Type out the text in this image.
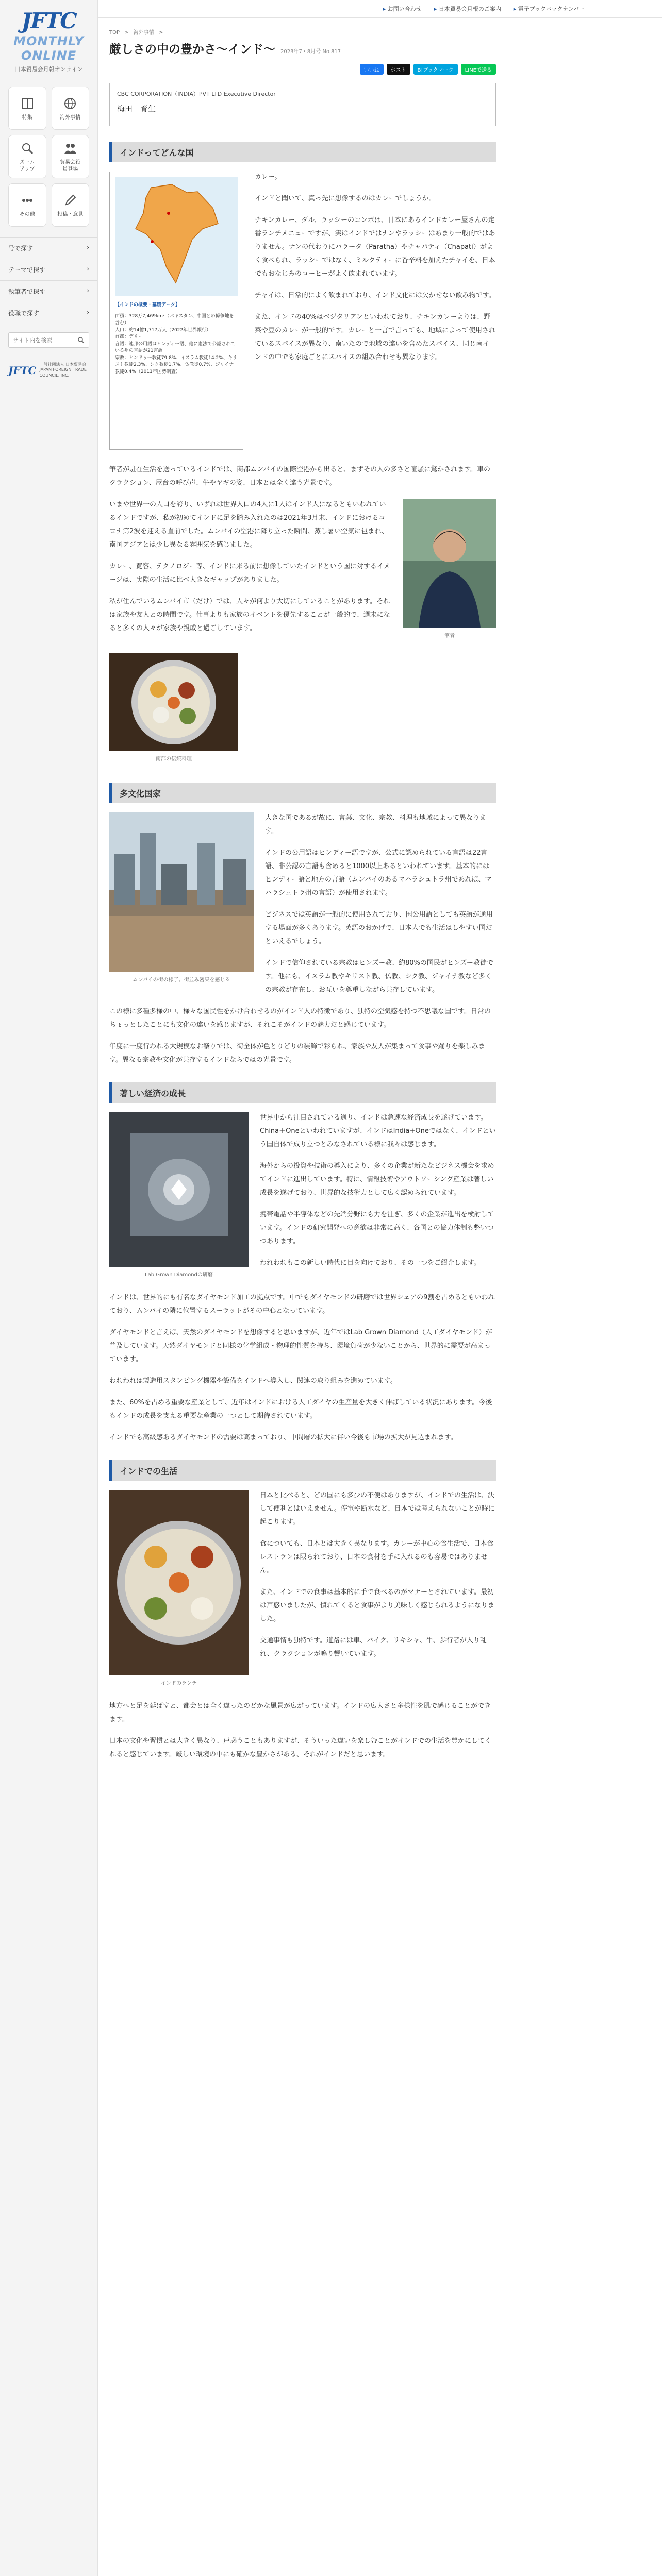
JFTC
MONTHLY
ONLINE
日本貿易会月報オンライン
特集	海外事情
ズーム
アップ
貿易会役
員登場
その他	投稿・意見
号で探す	›
テーマで探す	›
執筆者で探す	›
役職で探す	›
サイト内を検索
JFTC 一般社団法人 日本貿易会
JAPAN FOREIGN TRADE COUNCIL, INC.
▸ お問い合わせ	▸ 日本貿易会月報のご案内	▸ 電子ブックバックナンバー
TOP > 海外事情 >
厳しさの中の豊かさ〜インド〜 2023年7・8月号 No.817
いいね	ポスト	B!ブックマーク	LINEで送る
CBC CORPORATION（INDIA）PVT LTD Executive Director
梅田　育生
インドってどんな国
【インドの概要・基礎データ】
面積：328万7,469km²（パキスタン、中国との係争地を含む）
人口：約14億1,717万人（2022年世界銀行）
首都：デリー
言語：連邦公用語はヒンディー語、他に憲法で公認されている州の言語が21言語
宗教：ヒンドゥー教徒79.8%、イスラム教徒14.2%、キリスト教徒2.3%、シク教徒1.7%、仏教徒0.7%、ジャイナ教徒0.4%（2011年国勢調査）

カレー。

インドと聞いて、真っ先に想像するのはカレーでしょうか。

チキンカレー、ダル、ラッシーのコンボは、日本にあるインドカレー屋さんの定番ランチメニューですが、実はインドではナンやラッシーはあまり一般的ではありません。ナンの代わりにパラータ（Paratha）やチャパティ（Chapati）がよく食べられ、ラッシーではなく、ミルクティーに香辛料を加えたチャイを、日本でもおなじみのコーヒーがよく飲まれています。

チャイは、日常的によく飲まれており、インド文化には欠かせない飲み物です。

また、インドの40%はベジタリアンといわれており、チキンカレーよりは、野菜や豆のカレーが一般的です。カレーと一言で言っても、地域によって使用されているスパイスが異なり、南いたので地域の違いを含めたスパイス、同じ南インドの中でも家庭ごとにスパイスの組み合わせも異なります。

筆者が駐在生活を送っているインドでは、商都ムンバイの国際空港から出ると、まずその人の多さと喧騒に驚かされます。車のクラクション、屋台の呼び声、牛やヤギの姿、日本とは全く違う光景です。

筆者

いまや世界一の人口を誇り、いずれは世界人口の4人に1人はインド人になるともいわれているインドですが、私が初めてインドに足を踏み入れたのは2021年3月末、インドにおけるコロナ第2波を迎える直前でした。ムンバイの空港に降り立った瞬間、蒸し暑い空気に包まれ、南国アジアとは少し異なる雰囲気を感じました。

カレー、寛容、テクノロジー等、インドに来る前に想像していたインドという国に対するイメージは、実際の生活に比べ大きなギャップがありました。

私が住んでいるムンバイ市（だけ）では、人々が何より大切にしていることがあります。それは家族や友人との時間です。仕事よりも家族のイベントを優先することが一般的で、週末になると多くの人々が家族や親戚と過ごしています。

南部の伝統料理
多文化国家
ムンバイの街の様子。街並み密集を感じる

大きな国であるが故に、言葉、文化、宗教、料理も地域によって異なります。

インドの公用語はヒンディー語ですが、公式に認められている言語は22言語、非公認の言語も含めると1000以上あるといわれています。基本的にはヒンディー語と地方の言語（ムンバイのあるマハラシュトラ州であれば、マハラシュトラ州の言語）が使用されます。

ビジネスでは英語が一般的に使用されており、国公用語としても英語が通用する場面が多くあります。英語のおかげで、日本人でも生活はしやすい国だといえるでしょう。

インドで信仰されている宗教はヒンズー教、約80%の国民がヒンズー教徒です。他にも、イスラム教やキリスト教、仏教、シク教、ジャイナ教など多くの宗教が存在し、お互いを尊重しながら共存しています。

この様に多種多様の中、様々な国民性をかけ合わせるのがインド人の特徴であり、独特の空気感を持つ不思議な国です。日常のちょっとしたことにも文化の違いを感じますが、それこそがインドの魅力だと感じています。

年度に一度行われる大規模なお祭りでは、街全体が色とりどりの装飾で彩られ、家族や友人が集まって食事や踊りを楽しみます。異なる宗教や文化が共存するインドならではの光景です。

著しい経済の成長
Lab Grown Diamondの研磨

世界中から注目されている通り、インドは急速な経済成長を遂げています。China＋Oneといわれていますが、インドはIndia+Oneではなく、インドという国自体で成り立つとみなされている様に我々は感じます。

海外からの投資や技術の導入により、多くの企業が新たなビジネス機会を求めてインドに進出しています。特に、情報技術やアウトソーシング産業は著しい成長を遂げており、世界的な技術力として広く認められています。

携帯電話や半導体などの先端分野にも力を注ぎ、多くの企業が進出を検討しています。インドの研究開発への意欲は非常に高く、各国との協力体制も整いつつあります。

われわれもこの新しい時代に目を向けており、その一つをご紹介します。

インドは、世界的にも有名なダイヤモンド加工の拠点です。中でもダイヤモンドの研磨では世界シェアの9割を占めるともいわれており、ムンバイの隣に位置するスーラットがその中心となっています。

ダイヤモンドと言えば、天然のダイヤモンドを想像すると思いますが、近年ではLab Grown Diamond（人工ダイヤモンド）が普及しています。天然ダイヤモンドと同様の化学組成・物理的性質を持ち、環境負荷が少ないことから、世界的に需要が高まっています。

われわれは製造用スタンピング機器や設備をインドへ導入し、関連の取り組みを進めています。

また、60%を占める重要な産業として、近年はインドにおける人工ダイヤの生産量を大きく伸ばしている状況にあります。今後もインドの成長を支える重要な産業の一つとして期待されています。

インドでも高級感あるダイヤモンドの需要は高まっており、中間層の拡大に伴い今後も市場の拡大が見込まれます。

インドでの生活
インドのランチ

日本と比べると、どの国にも多少の不便はありますが、インドでの生活は、決して便利とはいえません。停電や断水など、日本では考えられないことが時に起こります。

食についても、日本とは大きく異なります。カレーが中心の食生活で、日本食レストランは限られており、日本の食材を手に入れるのも容易ではありません。

また、インドでの食事は基本的に手で食べるのがマナーとされています。最初は戸惑いましたが、慣れてくると食事がより美味しく感じられるようになりました。

交通事情も独特です。道路には車、バイク、リキシャ、牛、歩行者が入り乱れ、クラクションが鳴り響いています。

地方へと足を延ばすと、都会とは全く違ったのどかな風景が広がっています。インドの広大さと多様性を肌で感じることができます。

日本の文化や習慣とは大きく異なり、戸惑うこともありますが、そういった違いを楽しむことがインドでの生活を豊かにしてくれると感じています。厳しい環境の中にも確かな豊かさがある、それがインドだと思います。
